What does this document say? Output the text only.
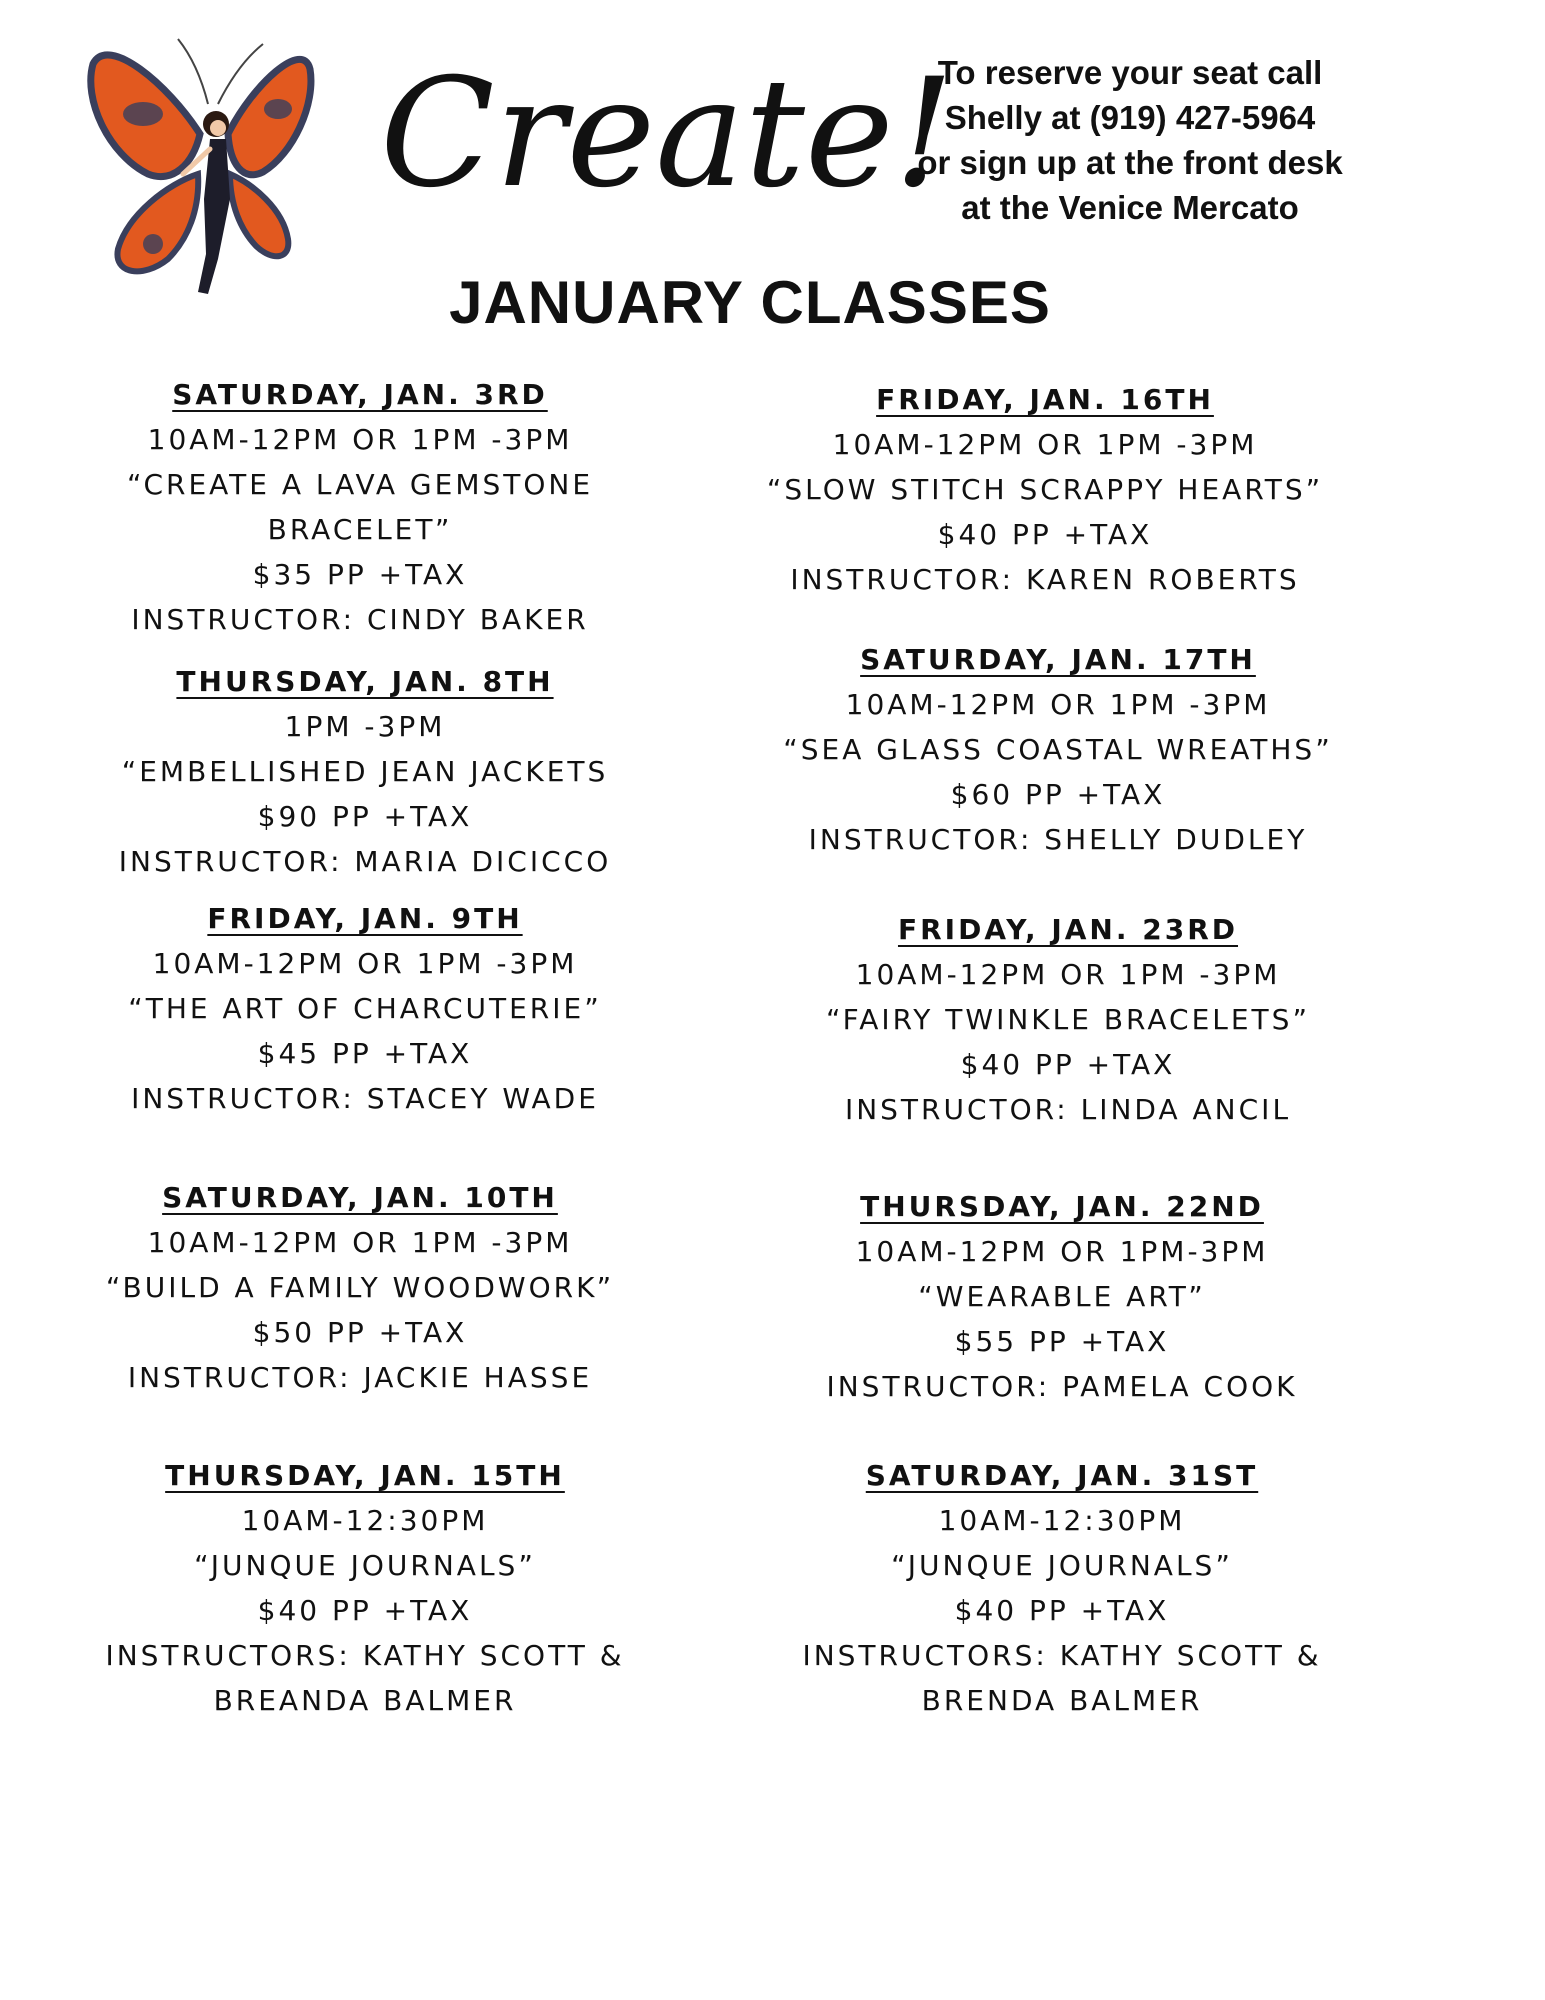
Create!
To reserve your seat call
Shelly at (919) 427-5964
or sign up at the front desk
at the Venice Mercato
JANUARY CLASSES
SATURDAY, JAN. 3RD
10AM-12PM OR 1PM -3PM
“CREATE A LAVA GEMSTONE
BRACELET”
$35 PP +TAX
INSTRUCTOR: CINDY BAKER
THURSDAY, JAN. 8TH
1PM -3PM
“EMBELLISHED JEAN JACKETS
$90 PP +TAX
INSTRUCTOR: MARIA DICICCO
FRIDAY, JAN. 9TH
10AM-12PM OR 1PM -3PM
“THE ART OF CHARCUTERIE”
$45 PP +TAX
INSTRUCTOR: STACEY WADE
SATURDAY, JAN. 10TH
10AM-12PM OR 1PM -3PM
“BUILD A FAMILY WOODWORK”
$50 PP +TAX
INSTRUCTOR: JACKIE HASSE
THURSDAY, JAN. 15TH
10AM-12:30PM
“JUNQUE JOURNALS”
$40 PP +TAX
INSTRUCTORS: KATHY SCOTT &
BREANDA BALMER
FRIDAY, JAN. 16TH
10AM-12PM OR 1PM -3PM
“SLOW STITCH SCRAPPY HEARTS”
$40 PP +TAX
INSTRUCTOR: KAREN ROBERTS
SATURDAY, JAN. 17TH
10AM-12PM OR 1PM -3PM
“SEA GLASS COASTAL WREATHS”
$60 PP +TAX
INSTRUCTOR: SHELLY DUDLEY
FRIDAY, JAN. 23RD
10AM-12PM OR 1PM -3PM
“FAIRY TWINKLE BRACELETS”
$40 PP +TAX
INSTRUCTOR: LINDA ANCIL
THURSDAY, JAN. 22ND
10AM-12PM OR 1PM-3PM
“WEARABLE ART”
$55 PP +TAX
INSTRUCTOR: PAMELA COOK
SATURDAY, JAN. 31ST
10AM-12:30PM
“JUNQUE JOURNALS”
$40 PP +TAX
INSTRUCTORS: KATHY SCOTT &
BRENDA BALMER
